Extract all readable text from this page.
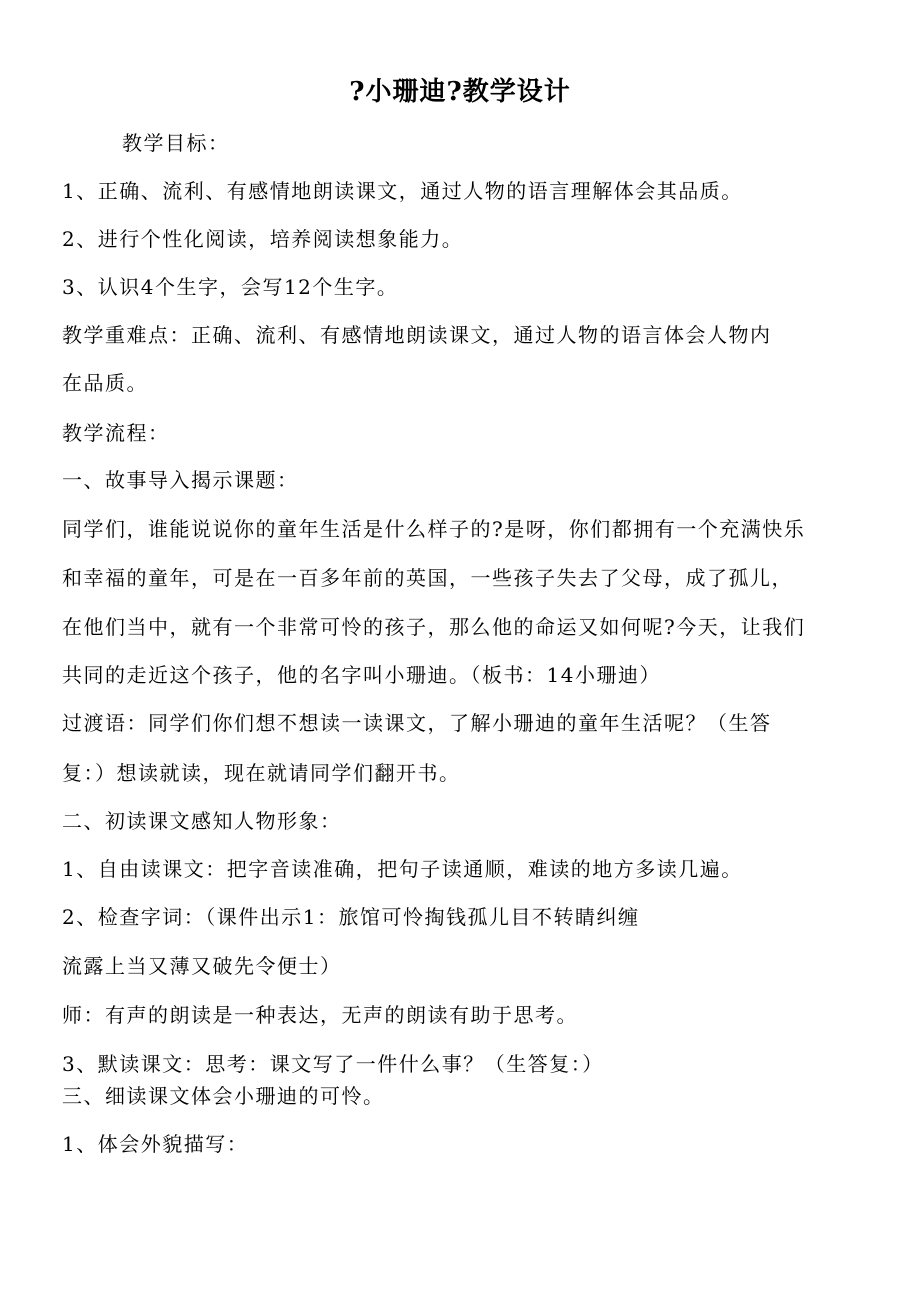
?小珊迪?教学设计

教学目标：

1、正确、流利、有感情地朗读课文，通过人物的语言理解体会其品质。

2、进行个性化阅读，培养阅读想象能力。

3、认识4个生字，会写12个生字。

教学重难点：正确、流利、有感情地朗读课文，通过人物的语言体会人物内

在品质。

教学流程：

一、故事导入揭示课题：

同学们，谁能说说你的童年生活是什么样子的?是呀，你们都拥有一个充满快乐

和幸福的童年，可是在一百多年前的英国，一些孩子失去了父母，成了孤儿，

在他们当中，就有一个非常可怜的孩子，那么他的命运又如何呢?今天，让我们

共同的走近这个孩子，他的名字叫小珊迪。（板书：14小珊迪）

过渡语：同学们你们想不想读一读课文，了解小珊迪的童年生活呢？（生答

复：）想读就读，现在就请同学们翻开书。

二、初读课文感知人物形象：

1、自由读课文：把字音读准确，把句子读通顺，难读的地方多读几遍。

2、检查字词：（课件出示1：旅馆可怜掏钱孤儿目不转睛纠缠

流露上当又薄又破先令便士）

师：有声的朗读是一种表达，无声的朗读有助于思考。

3、默读课文：思考：课文写了一件什么事？（生答复：）

三、细读课文体会小珊迪的可怜。

1、体会外貌描写：
